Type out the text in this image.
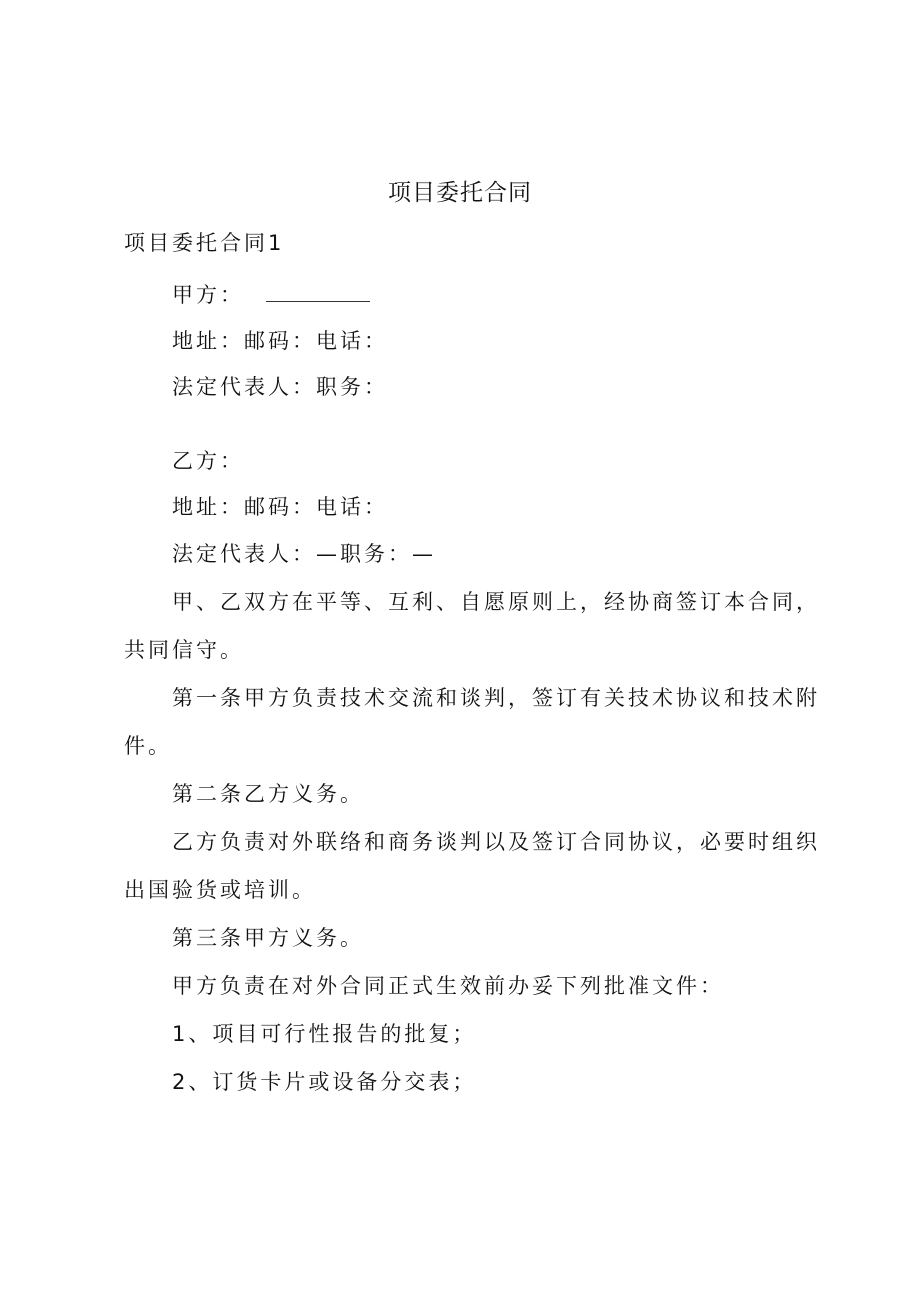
项目委托合同
项目委托合同1
甲方：
地址：邮码：电话：
法定代表人：职务：
乙方：
地址：邮码：电话：
法定代表人：—职务：—
甲、乙双方在平等、互利、自愿原则上，经协商签订本合同，
共同信守。
第一条甲方负责技术交流和谈判，签订有关技术协议和技术附
件。
第二条乙方义务。
乙方负责对外联络和商务谈判以及签订合同协议，必要时组织
出国验货或培训。
第三条甲方义务。
甲方负责在对外合同正式生效前办妥下列批准文件：
1、项目可行性报告的批复；
2、订货卡片或设备分交表；
